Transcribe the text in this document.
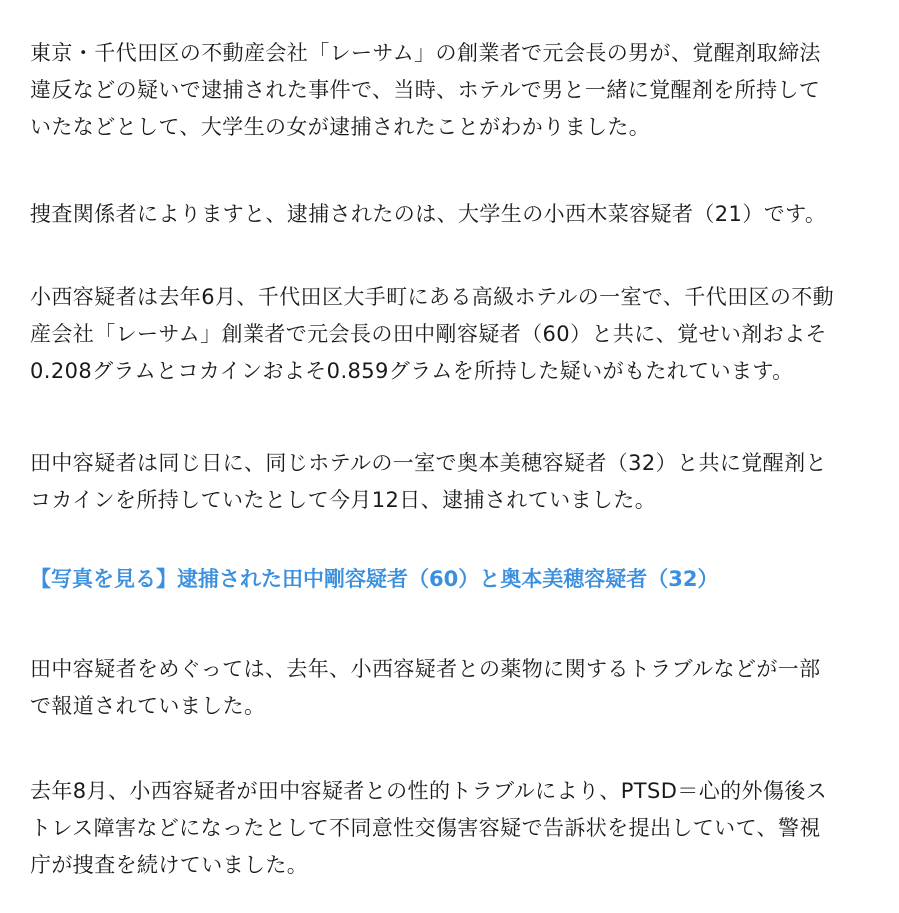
東京・千代田区の不動産会社「レーサム」の創業者で元会長の男が、覚醒剤取締法
違反などの疑いで逮捕された事件で、当時、ホテルで男と一緒に覚醒剤を所持して
いたなどとして、大学生の女が逮捕されたことがわかりました。

捜査関係者によりますと、逮捕されたのは、大学生の小西木菜容疑者（21）です。

小西容疑者は去年6月、千代田区大手町にある高級ホテルの一室で、千代田区の不動
産会社「レーサム」創業者で元会長の田中剛容疑者（60）と共に、覚せい剤およそ
0.208グラムとコカインおよそ0.859グラムを所持した疑いがもたれています。

田中容疑者は同じ日に、同じホテルの一室で奥本美穂容疑者（32）と共に覚醒剤と
コカインを所持していたとして今月12日、逮捕されていました。

【写真を見る】逮捕された田中剛容疑者（60）と奥本美穂容疑者（32）

田中容疑者をめぐっては、去年、小西容疑者との薬物に関するトラブルなどが一部
で報道されていました。

去年8月、小西容疑者が田中容疑者との性的トラブルにより、PTSD＝心的外傷後ス
トレス障害などになったとして不同意性交傷害容疑で告訴状を提出していて、警視
庁が捜査を続けていました。
